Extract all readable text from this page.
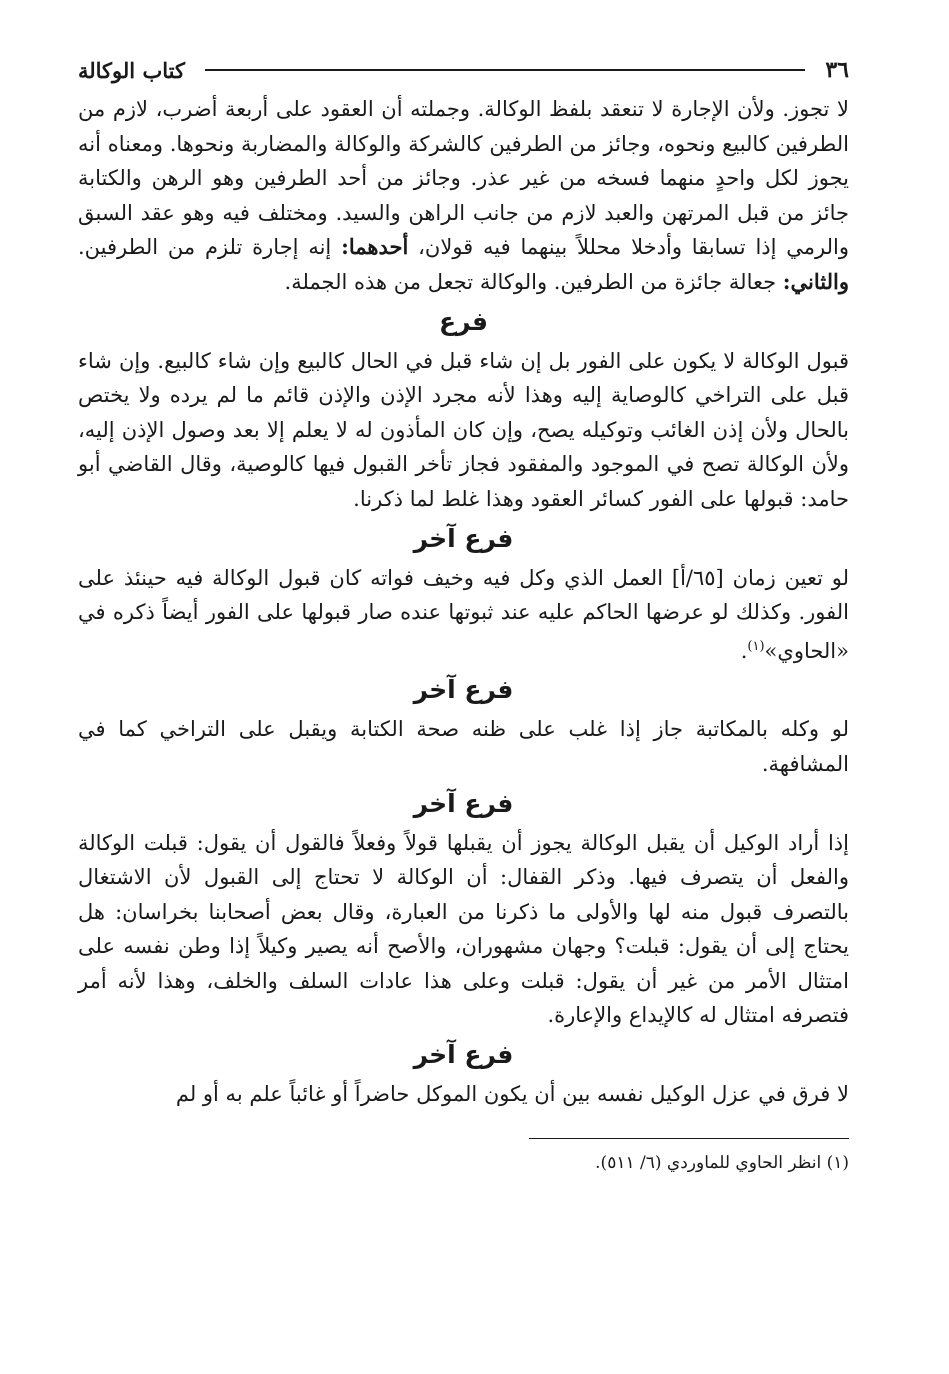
٣٦
كتاب الوكالة

لا تجوز. ولأن الإجارة لا تنعقد بلفظ الوكالة. وجملته أن العقود على أربعة أضرب، لازم من الطرفين كالبيع ونحوه، وجائز من الطرفين كالشركة والوكالة والمضاربة ونحوها. ومعناه أنه يجوز لكل واحدٍ منهما فسخه من غير عذر. وجائز من أحد الطرفين وهو الرهن والكتابة جائز من قبل المرتهن والعبد لازم من جانب الراهن والسيد. ومختلف فيه وهو عقد السبق والرمي إذا تسابقا وأدخلا محللاً بينهما فيه قولان، أحدهما: إنه إجارة تلزم من الطرفين. والثاني: جعالة جائزة من الطرفين. والوكالة تجعل من هذه الجملة.

فرع

قبول الوكالة لا يكون على الفور بل إن شاء قبل في الحال كالبيع وإن شاء كالبيع. وإن شاء قبل على التراخي كالوصاية إليه وهذا لأنه مجرد الإذن والإذن قائم ما لم يرده ولا يختص بالحال ولأن إذن الغائب وتوكيله يصح، وإن كان المأذون له لا يعلم إلا بعد وصول الإذن إليه، ولأن الوكالة تصح في الموجود والمفقود فجاز تأخر القبول فيها كالوصية، وقال القاضي أبو حامد: قبولها على الفور كسائر العقود وهذا غلط لما ذكرنا.

فرع آخر

لو تعين زمان [٦٥/أ] العمل الذي وكل فيه وخيف فواته كان قبول الوكالة فيه حينئذ على الفور. وكذلك لو عرضها الحاكم عليه عند ثبوتها عنده صار قبولها على الفور أيضاً ذكره في «الحاوي»$^{(١)}$.

فرع آخر

لو وكله بالمكاتبة جاز إذا غلب على ظنه صحة الكتابة ويقبل على التراخي كما في المشافهة.

فرع آخر

إذا أراد الوكيل أن يقبل الوكالة يجوز أن يقبلها قولاً وفعلاً فالقول أن يقول: قبلت الوكالة والفعل أن يتصرف فيها. وذكر القفال: أن الوكالة لا تحتاج إلى القبول لأن الاشتغال بالتصرف قبول منه لها والأولى ما ذكرنا من العبارة، وقال بعض أصحابنا بخراسان: هل يحتاج إلى أن يقول: قبلت؟ وجهان مشهوران، والأصح أنه يصير وكيلاً إذا وطن نفسه على امتثال الأمر من غير أن يقول: قبلت وعلى هذا عادات السلف والخلف، وهذا لأنه أمر فتصرفه امتثال له كالإيداع والإعارة.

فرع آخر

لا فرق في عزل الوكيل نفسه بين أن يكون الموكل حاضراً أو غائباً علم به أو لم

(١) انظر الحاوي للماوردي (٦/ ٥١١).
